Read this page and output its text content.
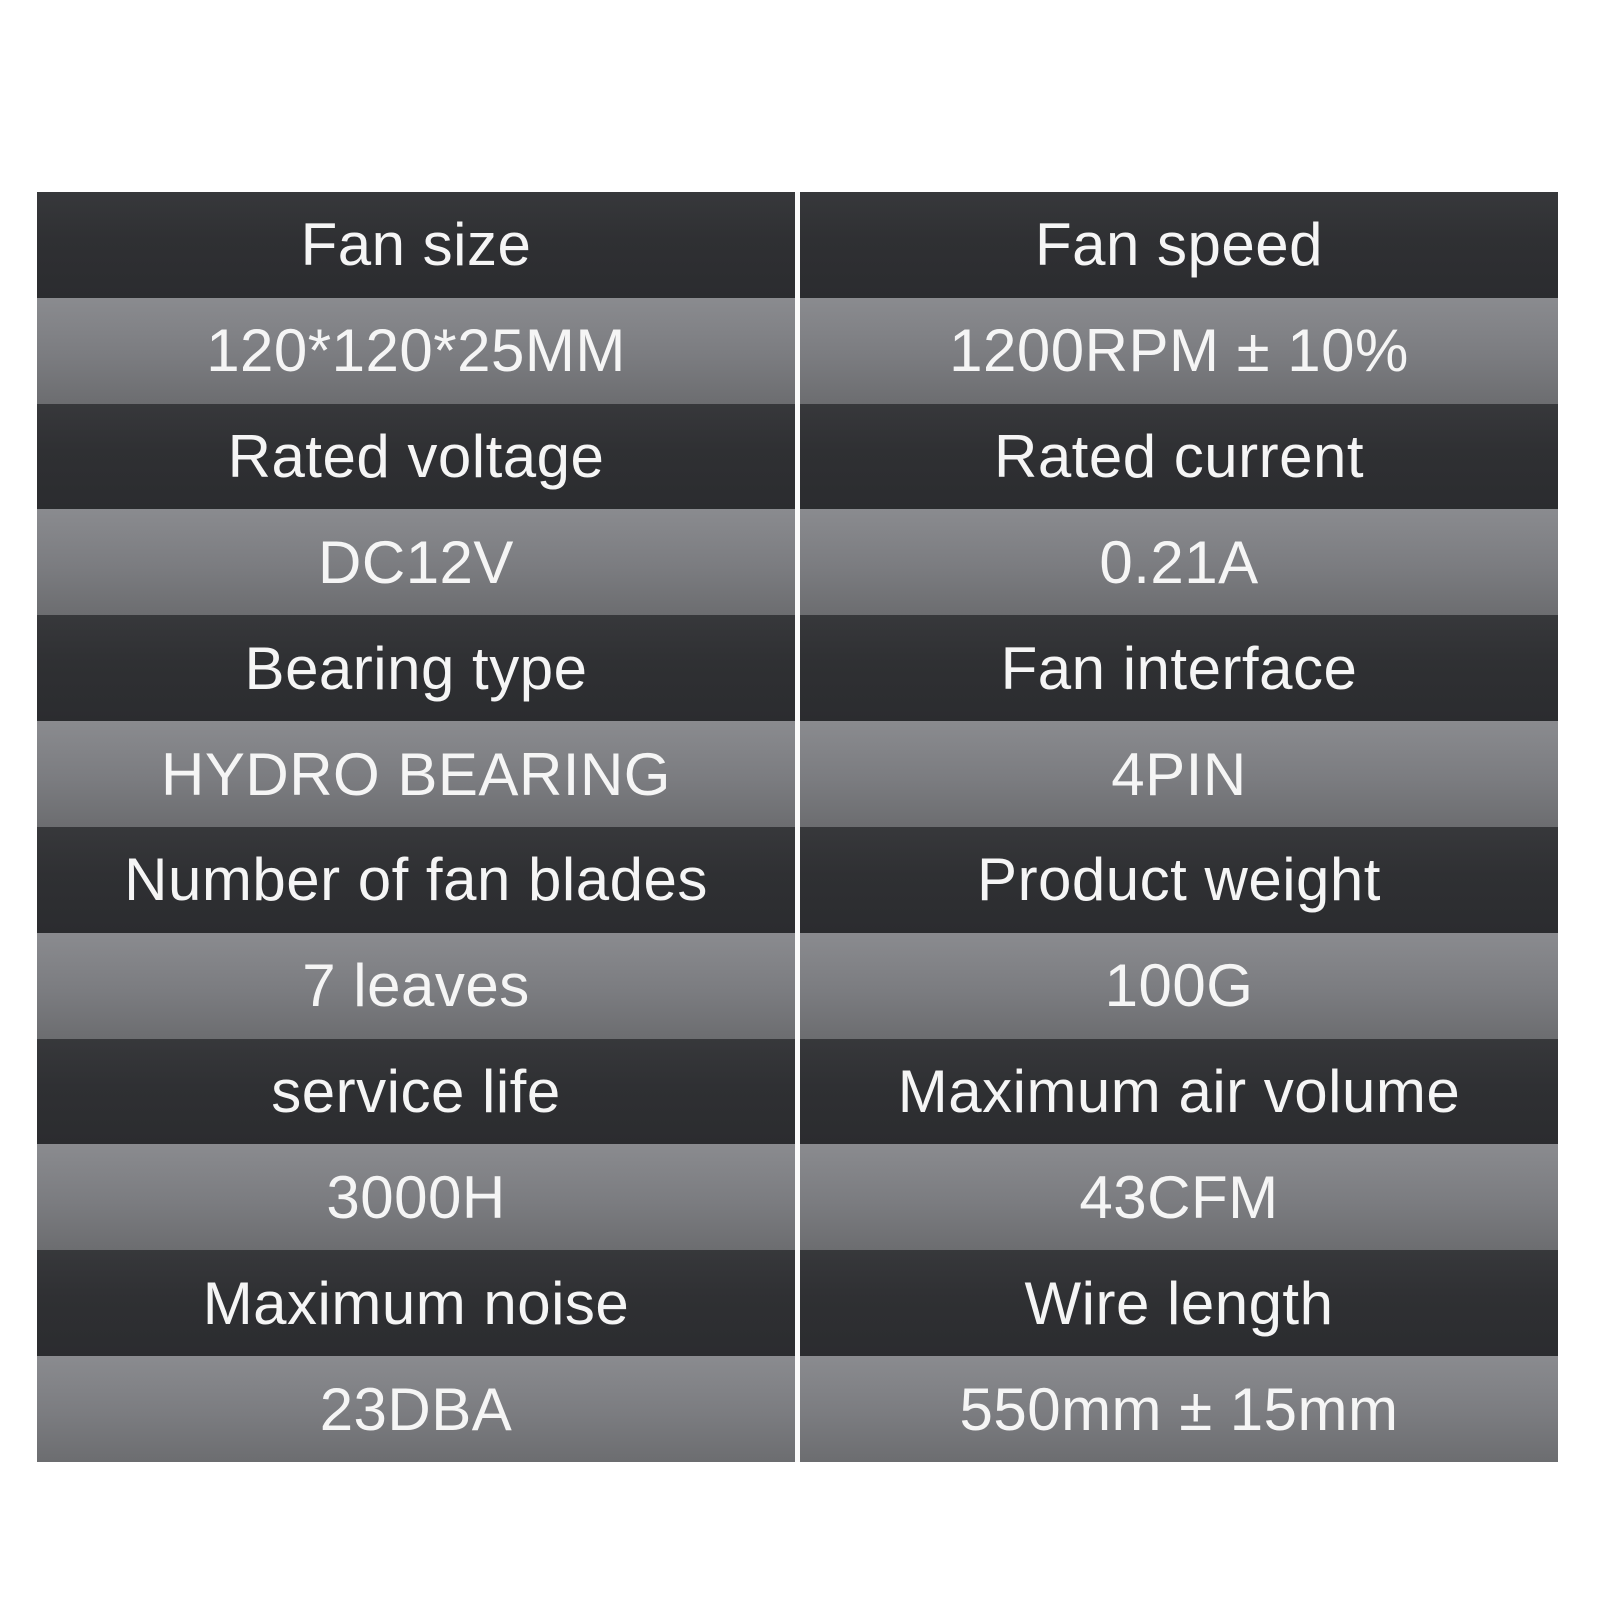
Fan size
120*120*25MM
Rated voltage
DC12V
Bearing type
HYDRO BEARING
Number of fan blades
7 leaves
service life
3000H
Maximum noise
23DBA
Fan speed
1200RPM ± 10%
Rated current
0.21A
Fan interface
4PIN
Product weight
100G
Maximum air volume
43CFM
Wire length
550mm ± 15mm
